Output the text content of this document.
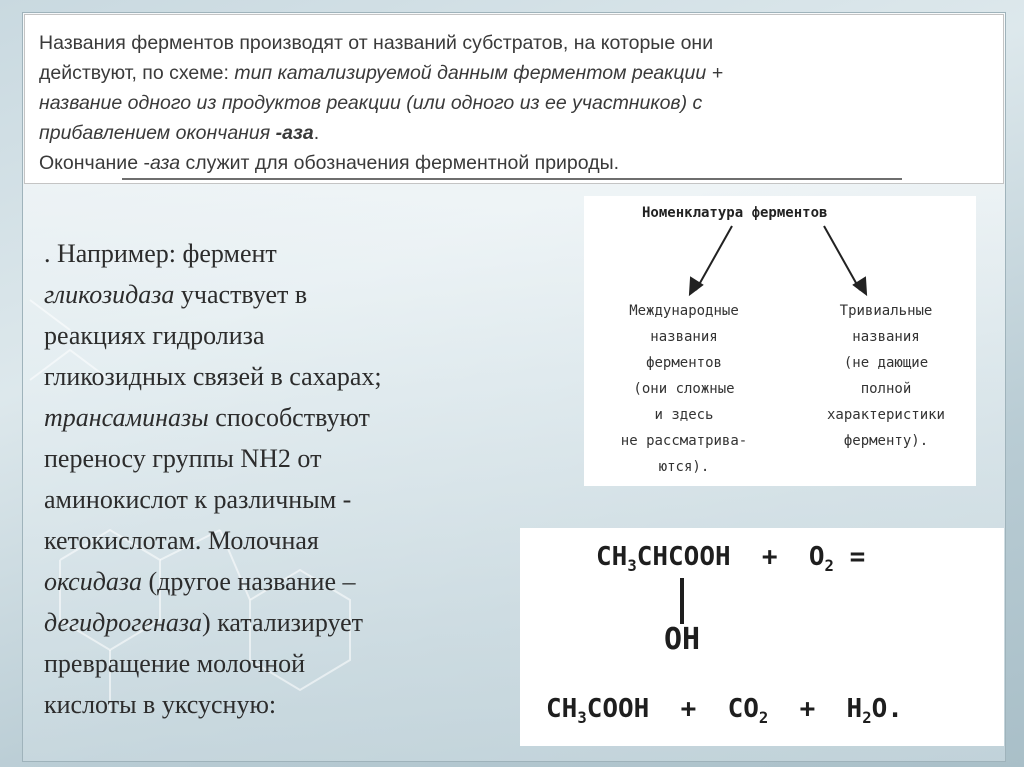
Названия ферментов производят от названий субстратов, на которые они
действуют, по схеме: тип катализируемой данным ферментом реакции +
название одного из продуктов реакции (или одного из ее участников) с
прибавлением окончания -аза.
Окончание -аза служит для обозначения ферментной природы.
. Например: фермент
гликозидаза участвует в
реакциях гидролиза
гликозидных связей в сахарах;
трансаминазы способствуют
переносу группы NH2 от
аминокислот к различным -
кетокислотам. Молочная
оксидаза (другое название –
дегидрогеназа) катализирует
превращение молочной
кислоты в уксусную:
Номенклатура ферментов
Международные
названия
ферментов
(они сложные
и здесь
не рассматрива-
ются).
Тривиальные
названия
(не дающие
полной
характеристики
ферменту).
$CH_3CHCOOH + O_2$ =
OH
$CH_3COOH + CO_2 + H_2O$.
